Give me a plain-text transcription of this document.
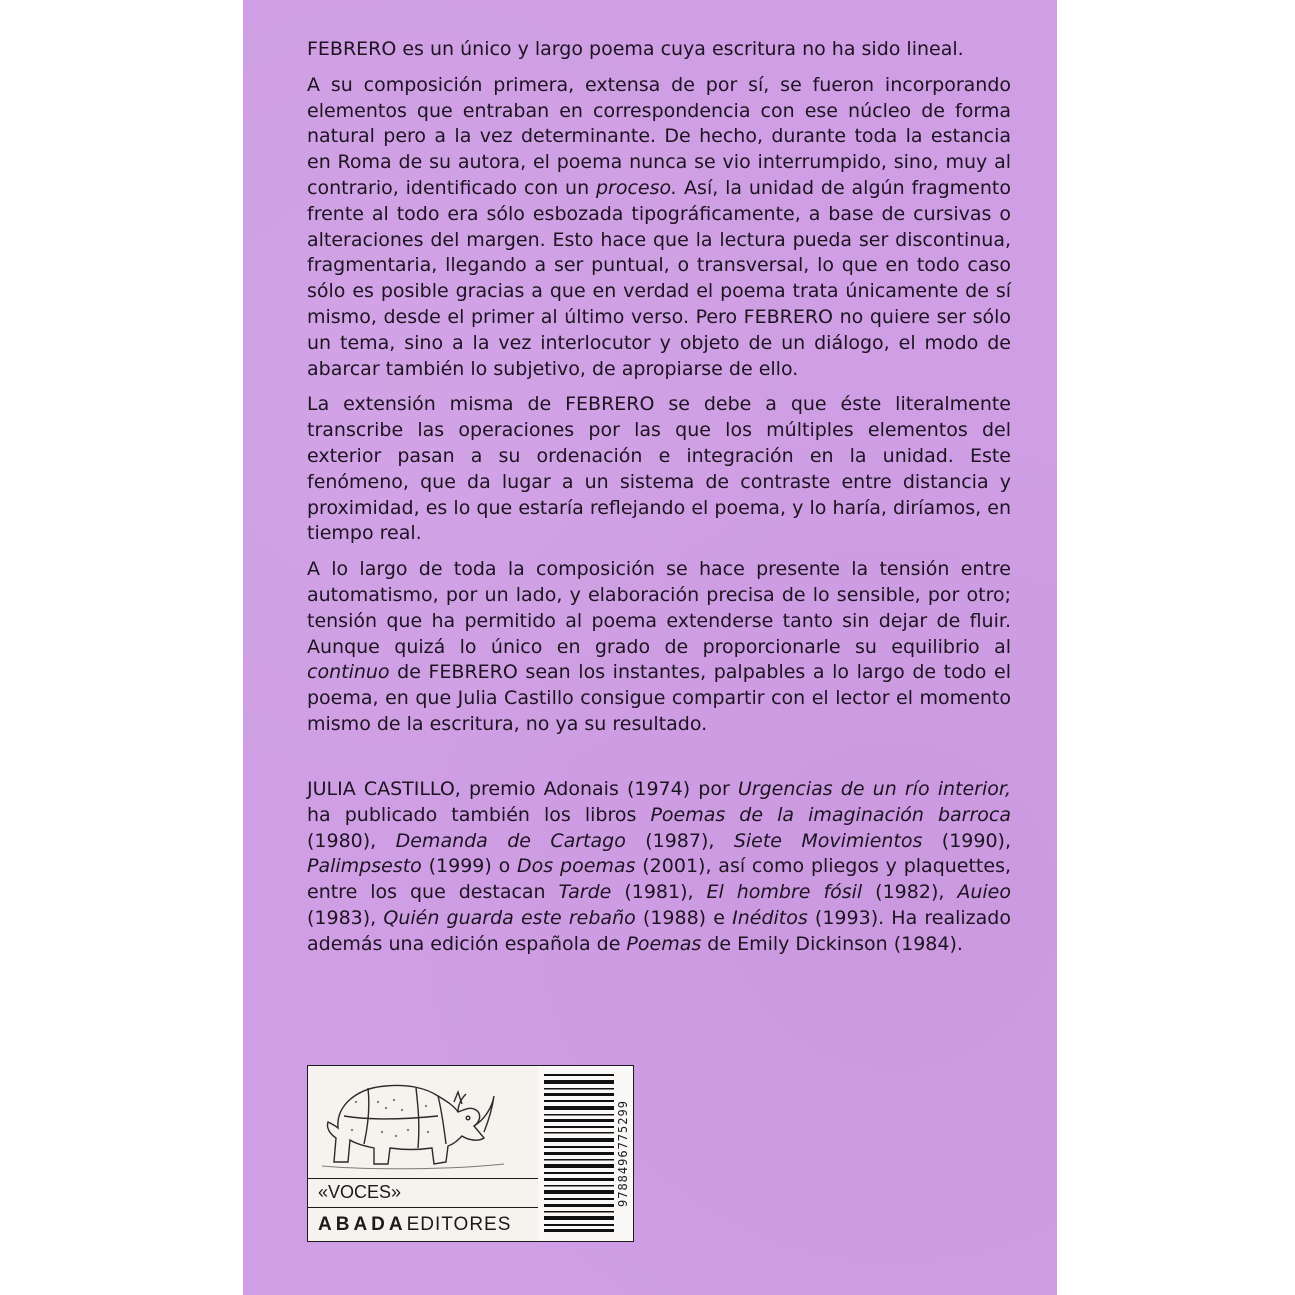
FEBRERO es un único y largo poema cuya escritura no ha sido lineal.

A su composición primera, extensa de por sí, se fueron incorporando elementos que entraban en correspondencia con ese núcleo de forma natural pero a la vez determinante. De hecho, durante toda la estancia en Roma de su autora, el poema nunca se vio interrumpido, sino, muy al contrario, identificado con un proceso. Así, la unidad de algún fragmento frente al todo era sólo esbozada tipográficamente, a base de cursivas o alteraciones del margen. Esto hace que la lectura pueda ser discontinua, fragmentaria, llegando a ser puntual, o transversal, lo que en todo caso sólo es posible gracias a que en verdad el poema trata únicamente de sí mismo, desde el primer al último verso. Pero FEBRERO no quiere ser sólo un tema, sino a la vez interlocutor y objeto de un diálogo, el modo de abarcar también lo subjetivo, de apropiarse de ello.

La extensión misma de FEBRERO se debe a que éste literalmente transcribe las operaciones por las que los múltiples elementos del exterior pasan a su ordenación e integración en la unidad. Este fenómeno, que da lugar a un sistema de contraste entre distancia y proximidad, es lo que estaría reflejando el poema, y lo haría, diríamos, en tiempo real.

A lo largo de toda la composición se hace presente la tensión entre automatismo, por un lado, y elaboración precisa de lo sensible, por otro; tensión que ha permitido al poema extenderse tanto sin dejar de fluir. Aunque quizá lo único en grado de proporcionarle su equilibrio al continuo de FEBRERO sean los instantes, palpables a lo largo de todo el poema, en que Julia Castillo consigue compartir con el lector el momento mismo de la escritura, no ya su resultado.

JULIA CASTILLO, premio Adonais (1974) por Urgencias de un río interior, ha publicado también los libros Poemas de la imaginación barroca (1980), Demanda de Cartago (1987), Siete Movimientos (1990), Palimpsesto (1999) o Dos poemas (2001), así como pliegos y plaquettes, entre los que destacan Tarde (1981), El hombre fósil (1982), Auieo (1983), Quién guarda este rebaño (1988) e Inéditos (1993). Ha realizado además una edición española de Poemas de Emily Dickinson (1984).

«VOCES»
ABADAEDITORES
9788496775299
